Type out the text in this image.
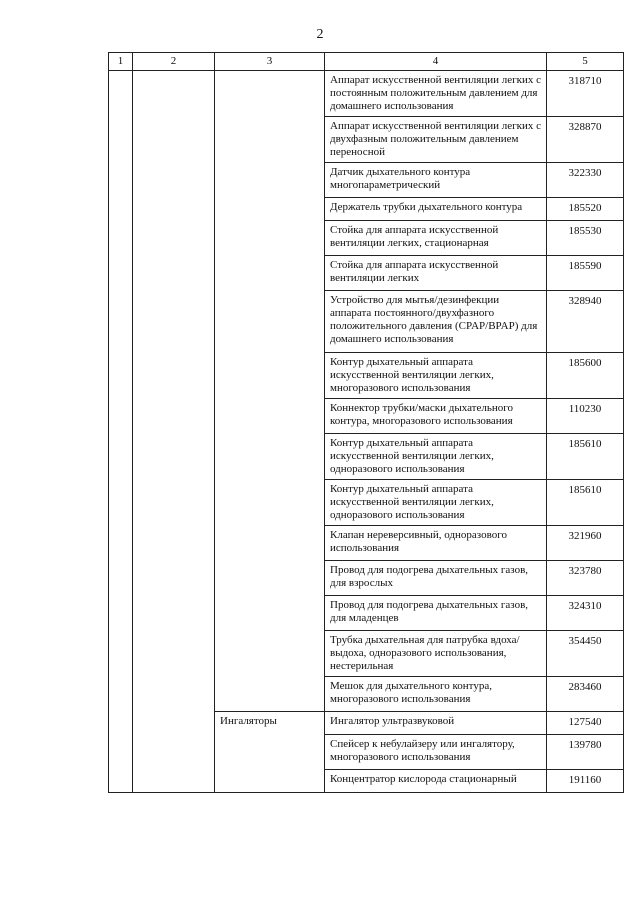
2
1	2	3	4	5
			Аппарат искусственной вентиляции легких с постоянным положительным давлением для домашнего использования	318710
			Аппарат искусственной вентиляции легких с двухфазным положительным давлением переносной	328870
			Датчик дыхательного контура многопараметрический	322330
			Держатель трубки дыхательного контура	185520
			Стойка для аппарата искусственной вентиляции легких, стационарная	185530
			Стойка для аппарата искусственной вентиляции легких	185590
			Устройство для мытья/дезинфекции аппарата постоянного/двухфазного положительного давления (CPAP/BPAP) для домашнего использования	328940
			Контур дыхательный аппарата искусственной вентиляции легких, многоразового использования	185600
			Коннектор трубки/маски дыхательного контура, многоразового использования	110230
			Контур дыхательный аппарата искусственной вентиляции легких, одноразового использования	185610
			Контур дыхательный аппарата искусственной вентиляции легких, одноразового использования	185610
			Клапан нереверсивный, одноразового использования	321960
			Провод для подогрева дыхательных газов, для взрослых	323780
			Провод для подогрева дыхательных газов, для младенцев	324310
			Трубка дыхательная для патрубка вдоха/выдоха, одноразового использования, нестерильная	354450
			Мешок для дыхательного контура, многоразового использования	283460
		Ингаляторы	Ингалятор ультразвуковой	127540
			Спейсер к небулайзеру или ингалятору, многоразового использования	139780
			Концентратор кислорода стационарный	191160
